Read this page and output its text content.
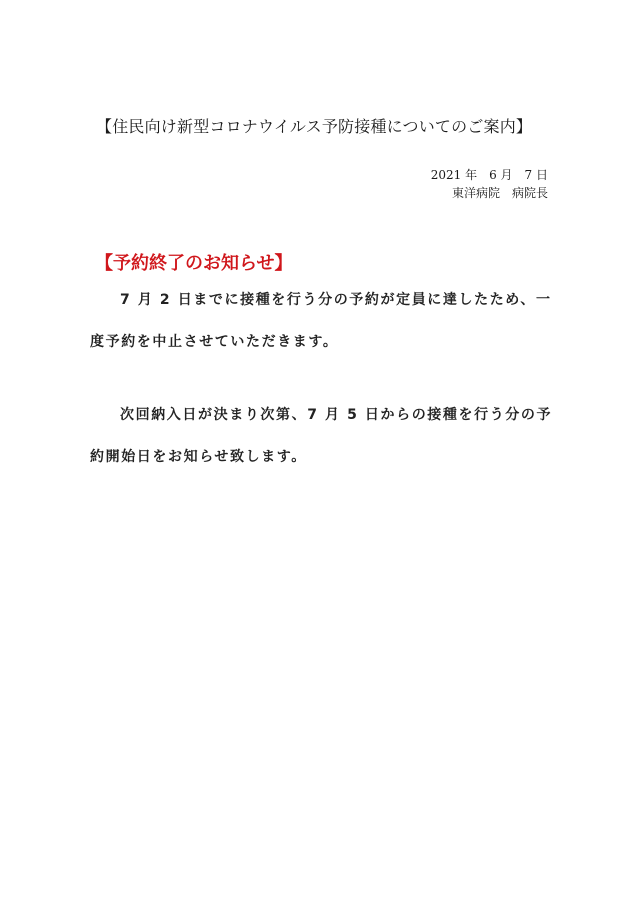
【住民向け新型コロナウイルス予防接種についてのご案内】
2021 年　6 月　7 日
東洋病院　病院長
【予約終了のお知らせ】
7 月 2 日までに接種を行う分の予約が定員に達したため、一
度予約を中止させていただきます。
次回納入日が決まり次第、7 月 5 日からの接種を行う分の予
約開始日をお知らせ致します。
